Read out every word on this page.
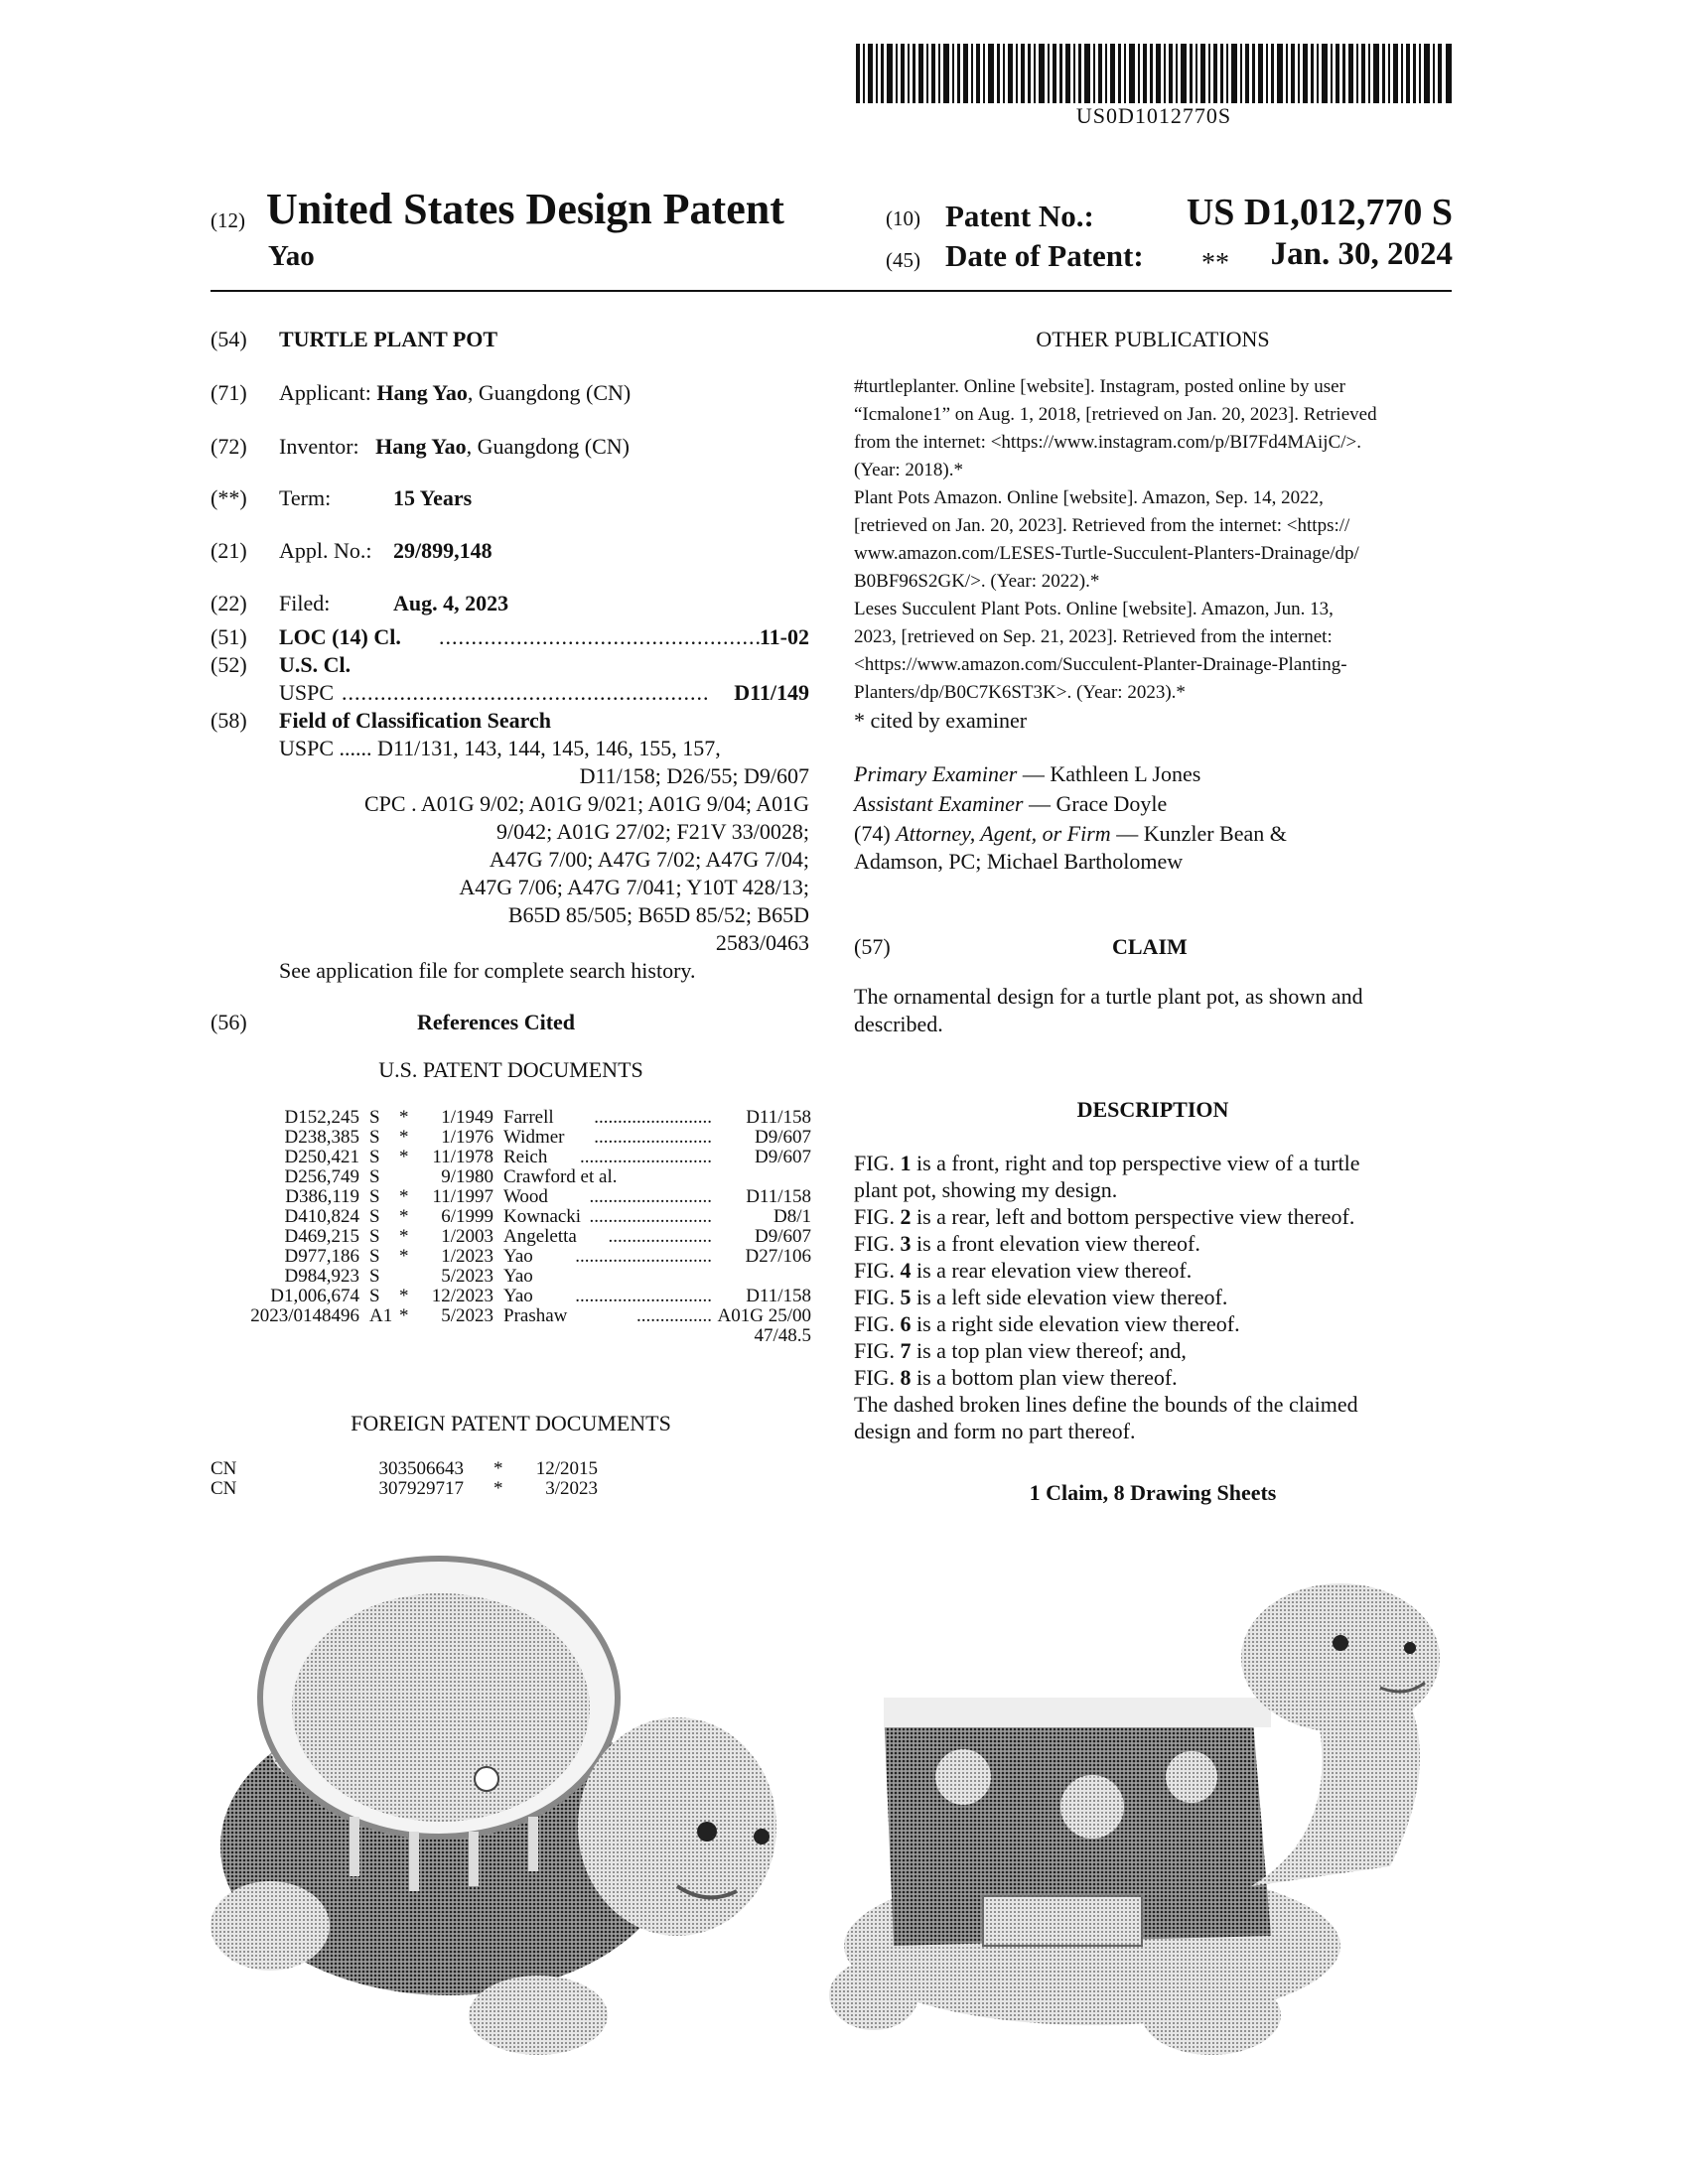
US0D1012770S
(12) United States Design Patent
Yao
(10) Patent No.: US D1,012,770 S
(45) Date of Patent: ** Jan. 30, 2024
(54) TURTLE PLANT POT
(71) Applicant: Hang Yao, Guangdong (CN)
(72) Inventor: Hang Yao, Guangdong (CN)
(**) Term:	15 Years
(21) Appl. No.: 29/899,148
(22) Filed:	Aug. 4, 2023
(51) LOC (14) Cl. ..................................................
11-02
(52) U.S. Cl.
USPC .........................................................	D11/149
(58) Field of Classification Search
USPC ...... D11/131, 143, 144, 145, 146, 155, 157,
D11/158; D26/55; D9/607
CPC . A01G 9/02; A01G 9/021; A01G 9/04; A01G
9/042; A01G 27/02; F21V 33/0028;
A47G 7/00; A47G 7/02; A47G 7/04;
A47G 7/06; A47G 7/041; Y10T 428/13;
B65D 85/505; B65D 85/52; B65D
2583/0463
See application file for complete search history.
(56)	References Cited
U.S. PATENT DOCUMENTS
D152,245 S	*	1/1949 Farrell	D11/158
.........................
D238,385 S	*	1/1976 Widmer	D9/607
.........................
D250,421 S	*	11/1978 Reich	D9/607
............................
D256,749 S	9/1980 Crawford et al.
D386,119 S	*	11/1997 Wood	D11/158
..........................
D410,824 S	*	6/1999 Kownacki	D8/1
..........................
D469,215 S	*	1/2003 Angeletta	D9/607
......................
D977,186 S	*	1/2023 Yao	D27/106
.............................
D984,923 S	5/2023 Yao
D1,006,674 S	*	12/2023 Yao	D11/158
.............................
2023/0148496 A1 *	5/2023 Prashaw	A01G 25/00
................
47/48.5
FOREIGN PATENT DOCUMENTS
CN	303506643 *	12/2015
CN	307929717 *	3/2023
OTHER PUBLICATIONS
#turtleplanter. Online [website]. Instagram, posted online by user
“Icmalone1” on Aug. 1, 2018, [retrieved on Jan. 20, 2023]. Retrieved
from the internet: <https://www.instagram.com/p/BI7Fd4MAijC/>.
(Year: 2018).*
Plant Pots Amazon. Online [website]. Amazon, Sep. 14, 2022,
[retrieved on Jan. 20, 2023]. Retrieved from the internet: <https://
www.amazon.com/LESES-Turtle-Succulent-Planters-Drainage/dp/
B0BF96S2GK/>. (Year: 2022).*
Leses Succulent Plant Pots. Online [website]. Amazon, Jun. 13,
2023, [retrieved on Sep. 21, 2023]. Retrieved from the internet:
<https://www.amazon.com/Succulent-Planter-Drainage-Planting-
Planters/dp/B0C7K6ST3K>. (Year: 2023).*
* cited by examiner
Primary Examiner — Kathleen L Jones
Assistant Examiner — Grace Doyle
(74) Attorney, Agent, or Firm — Kunzler Bean &
Adamson, PC; Michael Bartholomew
(57)	CLAIM
The ornamental design for a turtle plant pot, as shown and
described.
DESCRIPTION
FIG. 1 is a front, right and top perspective view of a turtle
plant pot, showing my design.
FIG. 2 is a rear, left and bottom perspective view thereof.
FIG. 3 is a front elevation view thereof.
FIG. 4 is a rear elevation view thereof.
FIG. 5 is a left side elevation view thereof.
FIG. 6 is a right side elevation view thereof.
FIG. 7 is a top plan view thereof; and,
FIG. 8 is a bottom plan view thereof.
The dashed broken lines define the bounds of the claimed
design and form no part thereof.
1 Claim, 8 Drawing Sheets
